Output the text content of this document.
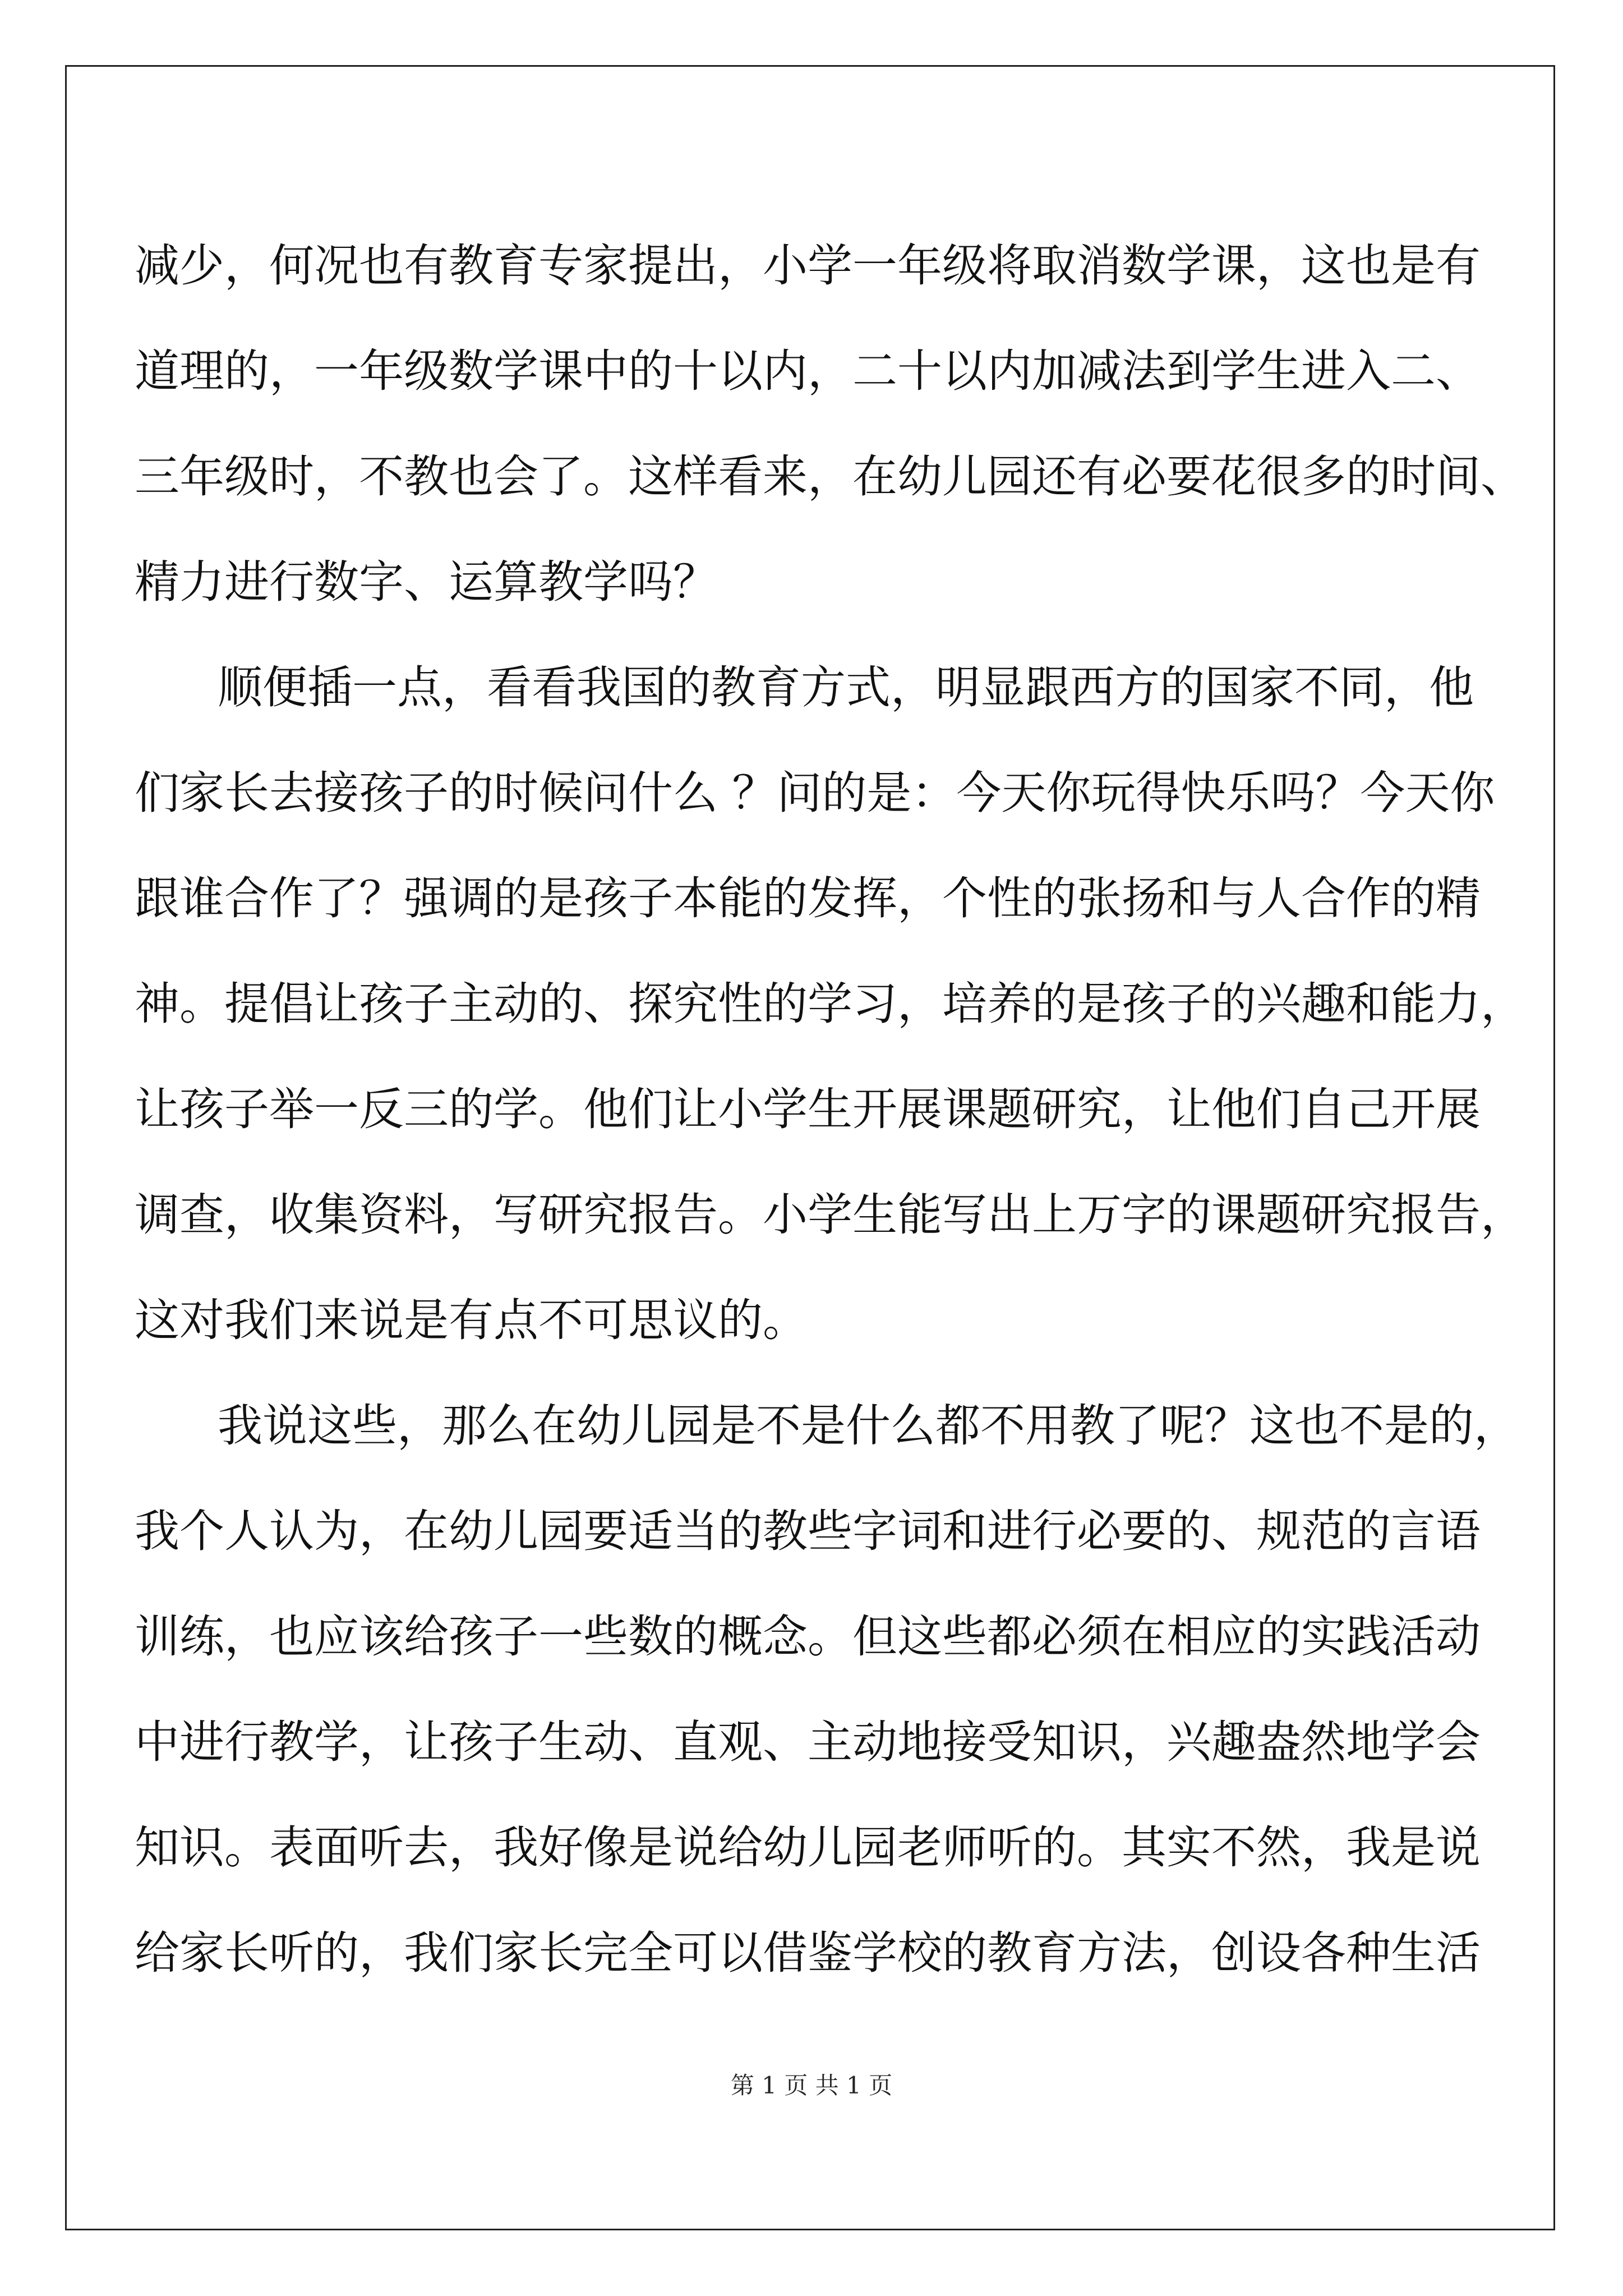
减少，何况也有教育专家提出，小学一年级将取消数学课，这也是有
道理的，一年级数学课中的十以内，二十以内加减法到学生进入二、
三年级时，不教也会了。这样看来，在幼儿园还有必要花很多的时间、
精力进行数字、运算教学吗？
顺便插一点，看看我国的教育方式，明显跟西方的国家不同，他
们家长去接孩子的时候问什么 ？问的是：今天你玩得快乐吗？今天你
跟谁合作了？强调的是孩子本能的发挥，个性的张扬和与人合作的精
神。提倡让孩子主动的、探究性的学习，培养的是孩子的兴趣和能力，
让孩子举一反三的学。他们让小学生开展课题研究，让他们自己开展
调查，收集资料，写研究报告。小学生能写出上万字的课题研究报告，
这对我们来说是有点不可思议的。
我说这些，那么在幼儿园是不是什么都不用教了呢？这也不是的，
我个人认为，在幼儿园要适当的教些字词和进行必要的、规范的言语
训练，也应该给孩子一些数的概念。但这些都必须在相应的实践活动
中进行教学，让孩子生动、直观、主动地接受知识，兴趣盎然地学会
知识。表面听去，我好像是说给幼儿园老师听的。其实不然，我是说
给家长听的，我们家长完全可以借鉴学校的教育方法，创设各种生活
第 1 页 共 1 页
